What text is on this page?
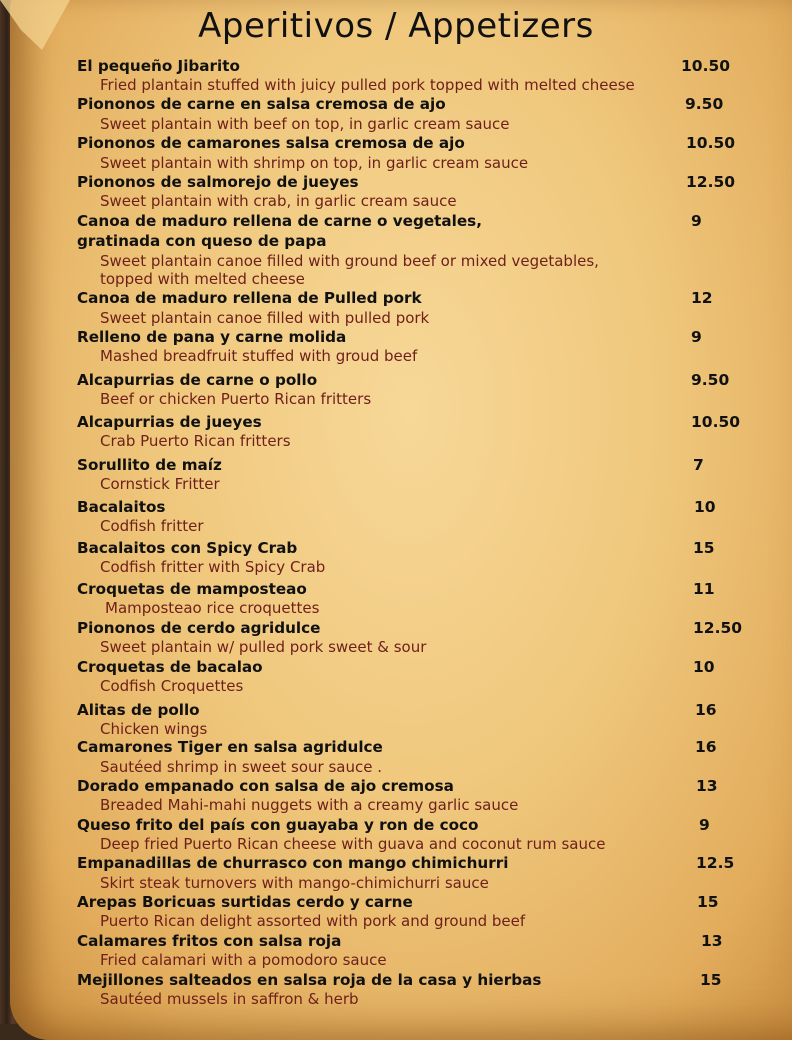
Aperitivos / Appetizers
El pequeño Jibarito	10.50
Fried plantain stuffed with juicy pulled pork topped with melted cheese
Piononos de carne en salsa cremosa de ajo	9.50
Sweet plantain with beef on top, in garlic cream sauce
Piononos de camarones salsa cremosa de ajo	10.50
Sweet plantain with shrimp on top, in garlic cream sauce
Piononos de salmorejo de jueyes	12.50
Sweet plantain with crab, in garlic cream sauce
Canoa de maduro rellena de carne o vegetales,	9
gratinada con queso de papa
Sweet plantain canoe filled with ground beef or mixed vegetables,
topped with melted cheese
Canoa de maduro rellena de Pulled pork	12
Sweet plantain canoe filled with pulled pork
Relleno de pana y carne molida	9
Mashed breadfruit stuffed with groud beef
Alcapurrias de carne o pollo	9.50
Beef or chicken Puerto Rican fritters
Alcapurrias de jueyes	10.50
Crab Puerto Rican fritters
Sorullito de maíz	7
Cornstick Fritter
Bacalaitos	10
Codfish fritter
Bacalaitos con Spicy Crab	15
Codfish fritter with Spicy Crab
Croquetas de mamposteao	11
Mamposteao rice croquettes
Piononos de cerdo agridulce	12.50
Sweet plantain w/ pulled pork sweet & sour
Croquetas de bacalao	10
Codfish Croquettes
Alitas de pollo	16
Chicken wings
Camarones Tiger en salsa agridulce	16
Sautéed shrimp in sweet sour sauce .
Dorado empanado con salsa de ajo cremosa	13
Breaded Mahi-mahi nuggets with a creamy garlic sauce
Queso frito del país con guayaba y ron de coco	9
Deep fried Puerto Rican cheese with guava and coconut rum sauce
Empanadillas de churrasco con mango chimichurri	12.5
Skirt steak turnovers with mango-chimichurri sauce
Arepas Boricuas surtidas cerdo y carne	15
Puerto Rican delight assorted with pork and ground beef
Calamares fritos con salsa roja	13
Fried calamari with a pomodoro sauce
Mejillones salteados en salsa roja de la casa y hierbas	15
Sautéed mussels in saffron & herb
